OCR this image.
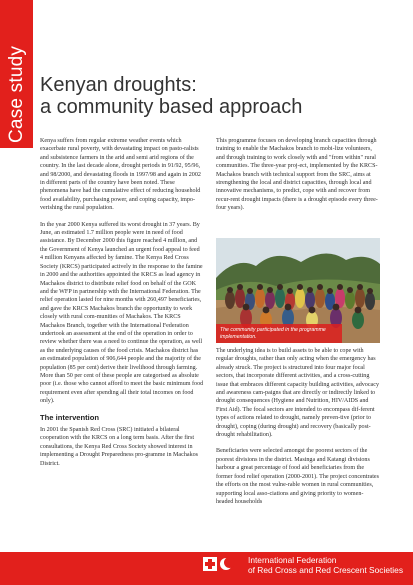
Case study Kenyan droughts:
a community based approach

Kenya suffers from regular extreme weather events which exacerbate rural poverty, with devastating impact on pasto-ralists and subsistence farmers in the arid and semi arid regions of the country. In the last decade alone, drought periods in 91/92, 95/96, and 98/2000, and devastating floods in 1997/98 and again in 2002 in different parts of the country have been noted. These phenomena have had the cumulative effect of reducing household food availability, purchasing power, and coping capacity, impo-verishing the rural population.

In the year 2000 Kenya suffered its worst drought in 37 years. By June, an estimated 1.7 million people were in need of food assistance. By December 2000 this figure reached 4 million, and the Government of Kenya launched an urgent food appeal to feed 4 million Kenyans affected by famine. The Kenya Red Cross Society (KRCS) participated actively in the response to the famine in 2000 and the authorities appointed the KRCS as lead agency in Machakos district to distribute relief food on behalf of the GOK and the WFP in partnership with the International Federation. The relief operation lasted for nine months with 260,497 beneficiaries, and gave the KRCS Machakos branch the opportunity to work closely with rural com-munities of Machakos. The KRCS Machakos Branch, together with the International Federation undertook an assessment at the end of the operation in order to review whether there was a need to continue the operation, as well as the underlying causes of the food crisis. Machakos district has an estimated population of 906,644 people and the majority of the population (85 per cent) derive their livelihood through farming. More than 50 per cent of these people are categorised as absolute poor (i.e. those who cannot afford to meet the basic minimum food requirement even after spending all their total incomes on food only).

The intervention

In 2001 the Spanish Red Cross (SRC) initiated a bilateral cooperation with the KRCS on a long term basis. After the first consultations, the Kenya Red Cross Society showed interest in implementing a Drought Preparedness pro-gramme in Machakos District.

This programme focuses on developing branch capacities through training to enable the Machakos branch to mobi-lize volunteers, and through training to work closely with and "from within" rural communities. The three-year proj-ect, implemented by the KRCS-Machakos branch with technical support from the SRC, aims at strengthening the local and district capacities, through local and innovative mechanisms, to predict, cope with and recover from recur-rent drought impacts (there is a drought episode every three-four years).

The community participated in the programme implementation.

The underlying idea is to build assets to be able to cope with regular droughts, rather than only acting when the emergency has already struck. The project is structured into four major focal sectors, that incorporate different activities, and a cross-cutting issue that embraces different capacity building activities, advocacy and awareness cam-paigns that are directly or indirectly linked to drought consequences (Hygiene and Nutrition, HIV/AIDS and First Aid). The focal sectors are intended to encompass dif-ferent types of actions related to drought, namely preven-tive (prior to drought), coping (during drought) and recovery (basically post-drought rehabilitation).

Beneficiaries were selected amongst the poorest sectors of the poorest divisions in the district. Masinga and Katangi divisions harbour a great percentage of food aid beneficiaries from the former food relief operation (2000-2001). The project concentrates the efforts on the most vulne-rable women in rural communities, supporting local asso-ciations and giving priority to women-headed households

International Federation
of Red Cross and Red Crescent Societies
